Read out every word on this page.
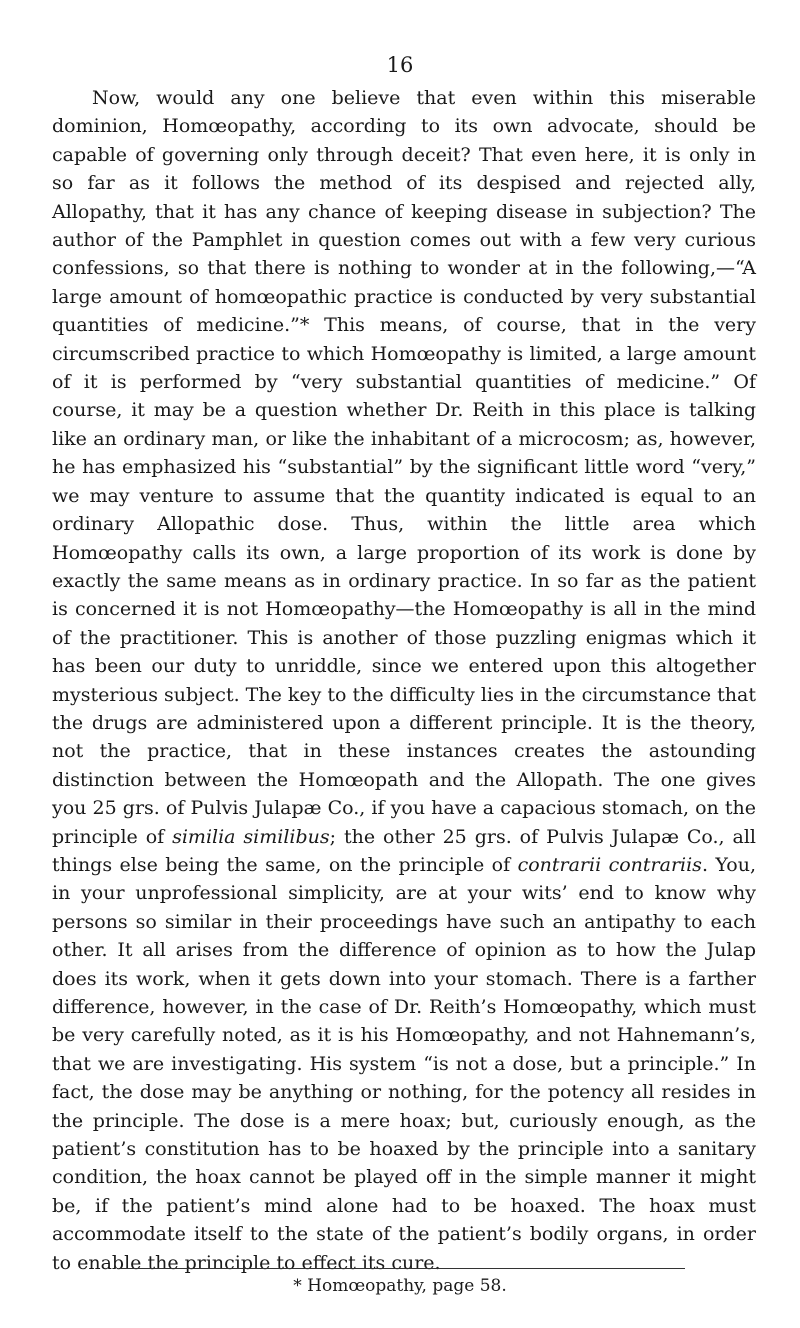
16

Now, would any one believe that even within this miserable dominion, Homœopathy, according to its own advocate, should be capable of governing only through deceit? That even here, it is only in so far as it follows the method of its despised and rejected ally, Allopathy, that it has any chance of keeping disease in subjection? The author of the Pamphlet in question comes out with a few very curious confessions, so that there is nothing to wonder at in the following,—“A large amount of homœopathic practice is conducted by very substantial quantities of medicine.”* This means, of course, that in the very circumscribed practice to which Homœopathy is limited, a large amount of it is performed by “very substantial quantities of medicine.” Of course, it may be a question whether Dr. Reith in this place is talking like an ordinary man, or like the inhabitant of a microcosm; as, however, he has emphasized his “substantial” by the significant little word “very,” we may venture to assume that the quantity indicated is equal to an ordinary Allopathic dose. Thus, within the little area which Homœopathy calls its own, a large proportion of its work is done by exactly the same means as in ordinary practice. In so far as the patient is concerned it is not Homœopathy—the Homœopathy is all in the mind of the practitioner. This is another of those puzzling enigmas which it has been our duty to unriddle, since we entered upon this altogether mysterious subject. The key to the difficulty lies in the circumstance that the drugs are administered upon a different principle. It is the theory, not the practice, that in these instances creates the astounding distinction between the Homœopath and the Allopath. The one gives you 25 grs. of Pulvis Julapæ Co., if you have a capacious stomach, on the principle of similia similibus; the other 25 grs. of Pulvis Julapæ Co., all things else being the same, on the principle of contrarii contrariis. You, in your unprofessional simplicity, are at your wits’ end to know why persons so similar in their proceedings have such an antipathy to each other. It all arises from the difference of opinion as to how the Julap does its work, when it gets down into your stomach. There is a farther difference, however, in the case of Dr. Reith’s Homœopathy, which must be very carefully noted, as it is his Homœopathy, and not Hahnemann’s, that we are investigating. His system “is not a dose, but a principle.” In fact, the dose may be anything or nothing, for the potency all resides in the principle. The dose is a mere hoax; but, curiously enough, as the patient’s constitution has to be hoaxed by the principle into a sanitary condition, the hoax cannot be played off in the simple manner it might be, if the patient’s mind alone had to be hoaxed. The hoax must accommodate itself to the state of the patient’s bodily organs, in order to enable the principle to effect its cure.

* Homœopathy, page 58.
